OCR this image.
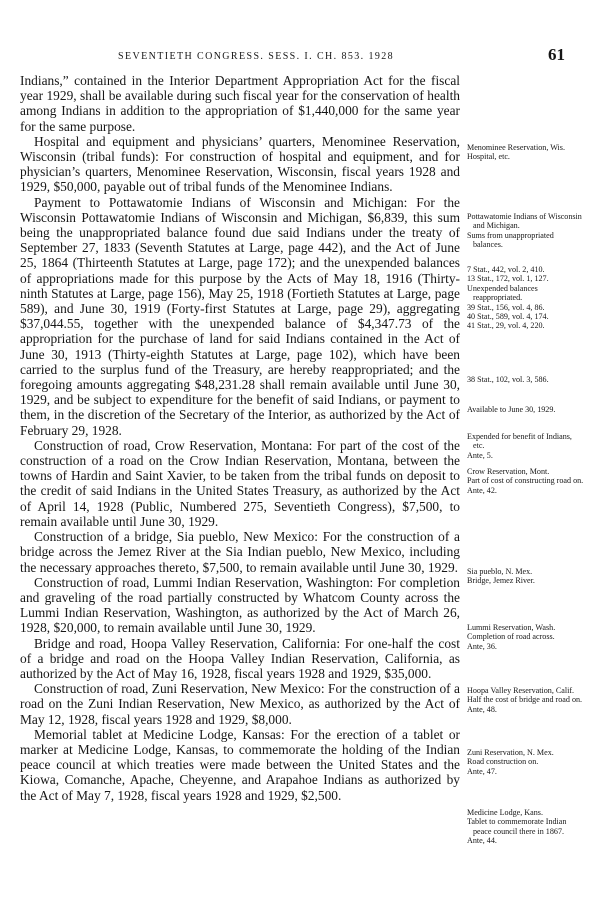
SEVENTIETH CONGRESS. SESS. I. CH. 853. 1928	61

Indians,” contained in the Interior Department Appropriation Act for the fiscal year 1929, shall be available during such fiscal year for the conservation of health among Indians in addition to the appropriation of $1,440,000 for the same year for the same purpose.

Hospital and equipment and physicians’ quarters, Menominee Reservation, Wisconsin (tribal funds): For construction of hospital and equipment, and for physician’s quarters, Menominee Reservation, Wisconsin, fiscal years 1928 and 1929, $50,000, payable out of tribal funds of the Menominee Indians.

Payment to Pottawatomie Indians of Wisconsin and Michigan: For the Wisconsin Pottawatomie Indians of Wisconsin and Michigan, $6,839, this sum being the unappropriated balance found due said Indians under the treaty of September 27, 1833 (Seventh Statutes at Large, page 442), and the Act of June 25, 1864 (Thirteenth Statutes at Large, page 172); and the unexpended balances of appropriations made for this purpose by the Acts of May 18, 1916 (Thirty-ninth Statutes at Large, page 156), May 25, 1918 (Fortieth Statutes at Large, page 589), and June 30, 1919 (Forty-first Statutes at Large, page 29), aggregating $37,044.55, together with the unexpended balance of $4,347.73 of the appropriation for the purchase of land for said Indians contained in the Act of June 30, 1913 (Thirty-eighth Statutes at Large, page 102), which have been carried to the surplus fund of the Treasury, are hereby reappropriated; and the foregoing amounts aggregating $48,231.28 shall remain available until June 30, 1929, and be subject to expenditure for the benefit of said Indians, or payment to them, in the discretion of the Secretary of the Interior, as authorized by the Act of February 29, 1928.

Construction of road, Crow Reservation, Montana: For part of the cost of the construction of a road on the Crow Indian Reservation, Montana, between the towns of Hardin and Saint Xavier, to be taken from the tribal funds on deposit to the credit of said Indians in the United States Treasury, as authorized by the Act of April 14, 1928 (Public, Numbered 275, Seventieth Congress), $7,500, to remain available until June 30, 1929.

Construction of a bridge, Sia pueblo, New Mexico: For the construction of a bridge across the Jemez River at the Sia Indian pueblo, New Mexico, including the necessary approaches thereto, $7,500, to remain available until June 30, 1929.

Construction of road, Lummi Indian Reservation, Washington: For completion and graveling of the road partially constructed by Whatcom County across the Lummi Indian Reservation, Washington, as authorized by the Act of March 26, 1928, $20,000, to remain available until June 30, 1929.

Bridge and road, Hoopa Valley Reservation, California: For one-half the cost of a bridge and road on the Hoopa Valley Indian Reservation, California, as authorized by the Act of May 16, 1928, fiscal years 1928 and 1929, $35,000.

Construction of road, Zuni Reservation, New Mexico: For the construction of a road on the Zuni Indian Reservation, New Mexico, as authorized by the Act of May 12, 1928, fiscal years 1928 and 1929, $8,000.

Memorial tablet at Medicine Lodge, Kansas: For the erection of a tablet or marker at Medicine Lodge, Kansas, to commemorate the holding of the Indian peace council at which treaties were made between the United States and the Kiowa, Comanche, Apache, Cheyenne, and Arapahoe Indians as authorized by the Act of May 7, 1928, fiscal years 1928 and 1929, $2,500.

Menominee Reservation, Wis.
Hospital, etc.
Pottawatomie Indians of Wisconsin and Michigan.
Sums from unappropriated balances.
7 Stat., 442, vol. 2, 410.
13 Stat., 172, vol. 1, 127.
Unexpended balances reappropriated.
39 Stat., 156, vol. 4, 86.
40 Stat., 589, vol. 4, 174.
41 Stat., 29, vol. 4, 220.
38 Stat., 102, vol. 3, 586.
Available to June 30, 1929.
Expended for benefit of Indians, etc.
Ante, 5.
Crow Reservation, Mont.
Part of cost of constructing road on.
Ante, 42.
Sia pueblo, N. Mex.
Bridge, Jemez River.
Lummi Reservation, Wash.
Completion of road across.
Ante, 36.
Hoopa Valley Reservation, Calif.
Half the cost of bridge and road on.
Ante, 48.
Zuni Reservation, N. Mex.
Road construction on.
Ante, 47.
Medicine Lodge, Kans.
Tablet to commemorate Indian peace council there in 1867.
Ante, 44.
